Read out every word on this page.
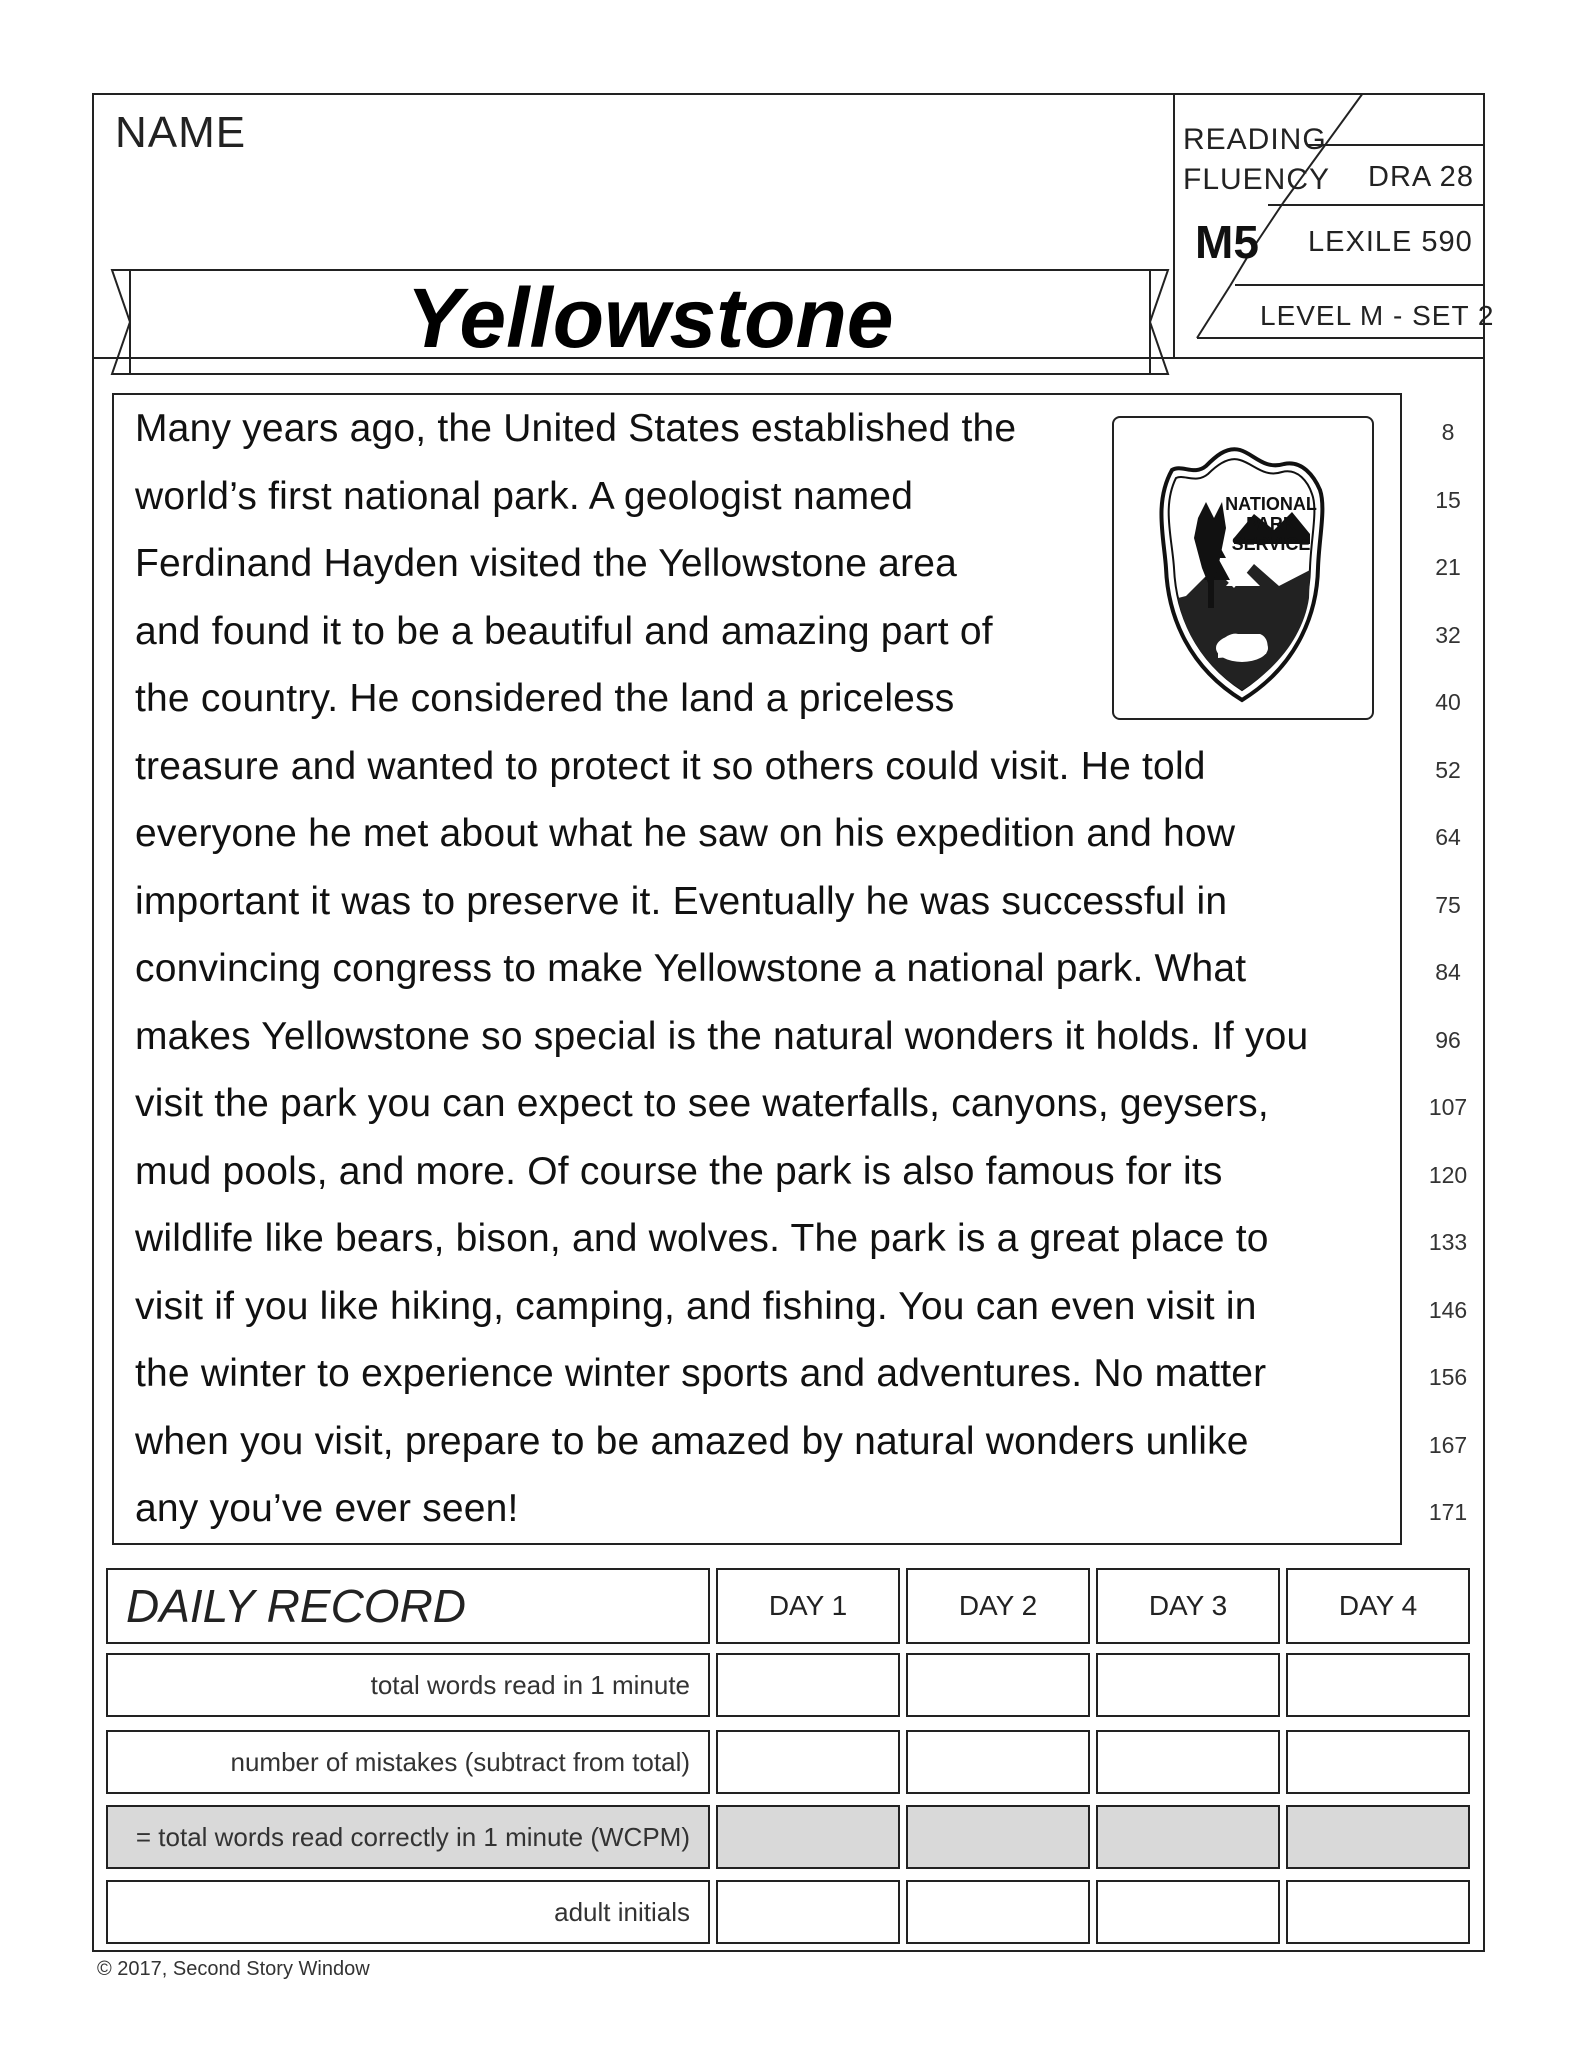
NAME	READING
FLUENCY
M5
DRA 28
LEXILE 590
LEVEL M - SET 2
Yellowstone
NATIONAL
PARK
SERVICE
Many years ago, the United States established the
world’s first national park. A geologist named
Ferdinand Hayden visited the Yellowstone area
and found it to be a beautiful and amazing part of
the country. He considered the land a priceless
treasure and wanted to protect it so others could visit. He told
everyone he met about what he saw on his expedition and how
important it was to preserve it. Eventually he was successful in
convincing congress to make Yellowstone a national park. What
makes Yellowstone so special is the natural wonders it holds. If you
visit the park you can expect to see waterfalls, canyons, geysers,
mud pools, and more. Of course the park is also famous for its
wildlife like bears, bison, and wolves. The park is a great place to
visit if you like hiking, camping, and fishing. You can even visit in
the winter to experience winter sports and adventures. No matter
when you visit, prepare to be amazed by natural wonders unlike
any you’ve ever seen!
8
15
21
32
40
52
64
75
84
96
107
120
133
146
156
167
171
DAILY RECORD	DAY 1	DAY 2	DAY 3	DAY 4
total words read in 1 minute
number of mistakes (subtract from total)
= total words read correctly in 1 minute (WCPM)
adult initials
© 2017, Second Story Window
